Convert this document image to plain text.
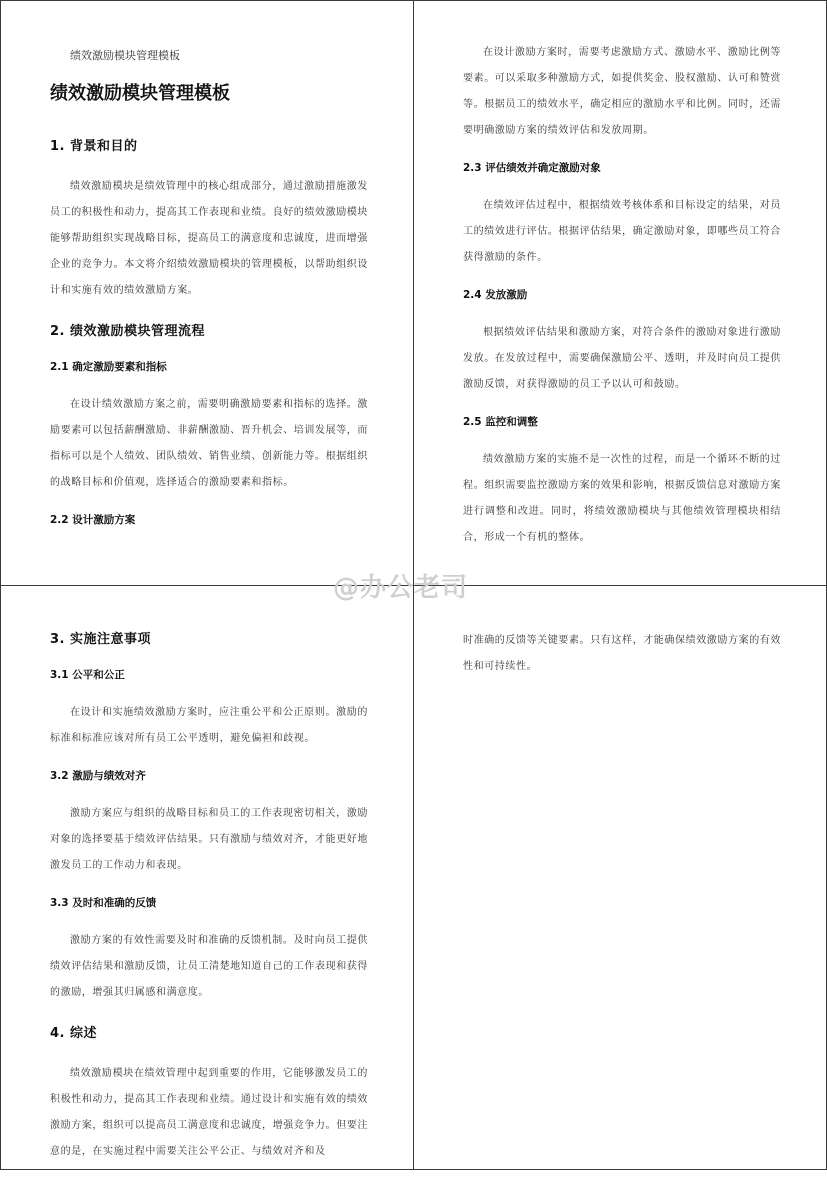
绩效激励模块管理模板
绩效激励模块管理模板
1. 背景和目的

绩效激励模块是绩效管理中的核心组成部分，通过激励措施激发员工的积极性和动力，提高其工作表现和业绩。良好的绩效激励模块能够帮助组织实现战略目标，提高员工的满意度和忠诚度，进而增强企业的竞争力。本文将介绍绩效激励模块的管理模板，以帮助组织设计和实施有效的绩效激励方案。

2. 绩效激励模块管理流程
2.1 确定激励要素和指标

在设计绩效激励方案之前，需要明确激励要素和指标的选择。激励要素可以包括薪酬激励、非薪酬激励、晋升机会、培训发展等，而指标可以是个人绩效、团队绩效、销售业绩、创新能力等。根据组织的战略目标和价值观，选择适合的激励要素和指标。

2.2 设计激励方案

在设计激励方案时，需要考虑激励方式、激励水平、激励比例等要素。可以采取多种激励方式，如提供奖金、股权激励、认可和赞赏等。根据员工的绩效水平，确定相应的激励水平和比例。同时，还需要明确激励方案的绩效评估和发放周期。

2.3 评估绩效并确定激励对象

在绩效评估过程中，根据绩效考核体系和目标设定的结果，对员工的绩效进行评估。根据评估结果，确定激励对象，即哪些员工符合获得激励的条件。

2.4 发放激励

根据绩效评估结果和激励方案，对符合条件的激励对象进行激励发放。在发放过程中，需要确保激励公平、透明，并及时向员工提供激励反馈，对获得激励的员工予以认可和鼓励。

2.5 监控和调整

绩效激励方案的实施不是一次性的过程，而是一个循环不断的过程。组织需要监控激励方案的效果和影响，根据反馈信息对激励方案进行调整和改进。同时，将绩效激励模块与其他绩效管理模块相结合，形成一个有机的整体。

3. 实施注意事项
3.1 公平和公正

在设计和实施绩效激励方案时，应注重公平和公正原则。激励的标准和标准应该对所有员工公平透明，避免偏袒和歧视。

3.2 激励与绩效对齐

激励方案应与组织的战略目标和员工的工作表现密切相关，激励对象的选择要基于绩效评估结果。只有激励与绩效对齐，才能更好地激发员工的工作动力和表现。

3.3 及时和准确的反馈

激励方案的有效性需要及时和准确的反馈机制。及时向员工提供绩效评估结果和激励反馈，让员工清楚地知道自己的工作表现和获得的激励，增强其归属感和满意度。

4. 综述

绩效激励模块在绩效管理中起到重要的作用，它能够激发员工的积极性和动力，提高其工作表现和业绩。通过设计和实施有效的绩效激励方案，组织可以提高员工满意度和忠诚度，增强竞争力。但要注意的是，在实施过程中需要关注公平公正、与绩效对齐和及

时准确的反馈等关键要素。只有这样，才能确保绩效激励方案的有效性和可持续性。

@办公老司
